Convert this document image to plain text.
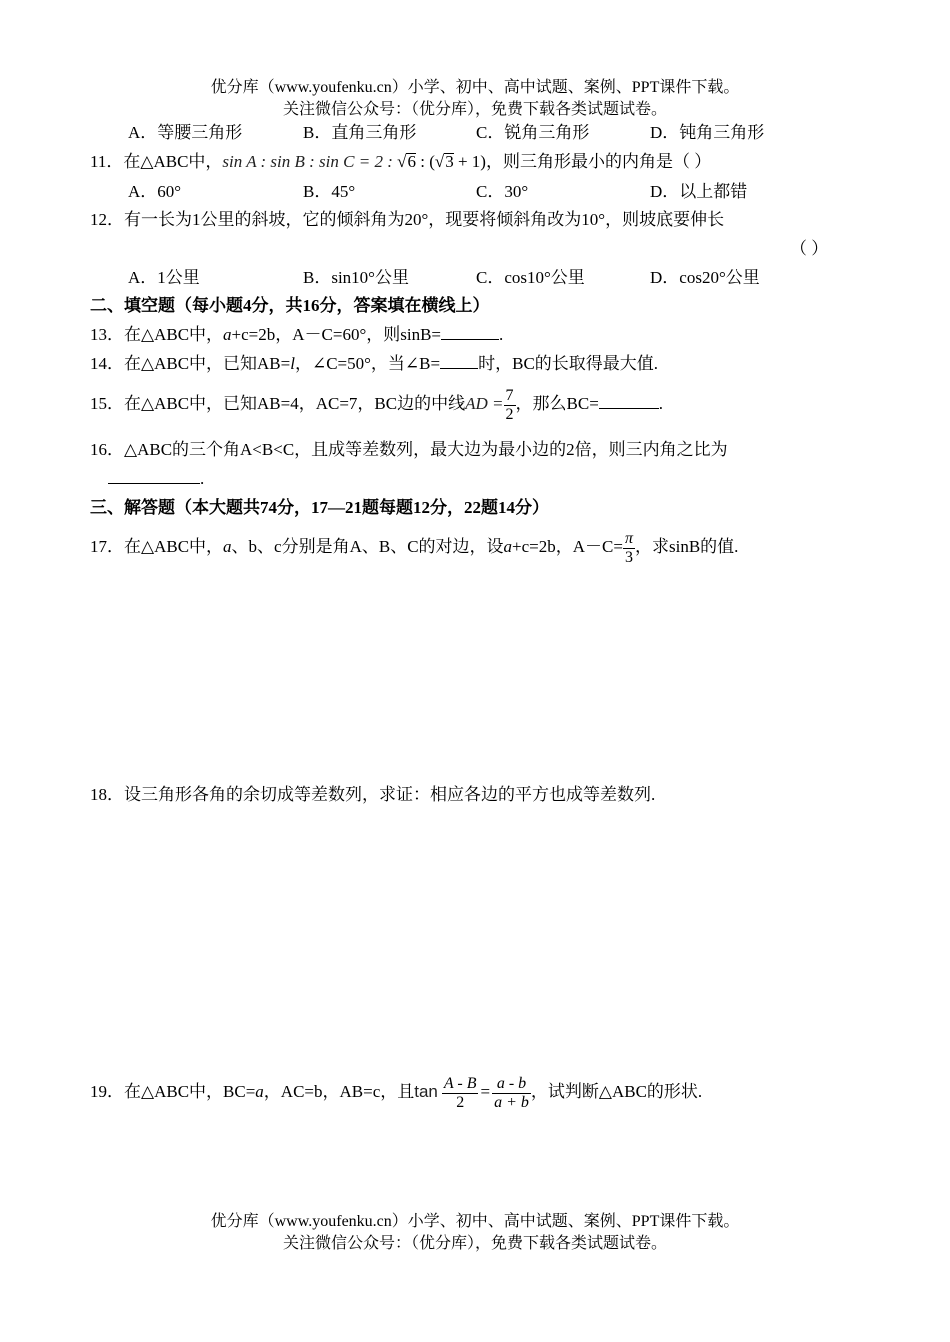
优分库（www.youfenku.cn）小学、初中、高中试题、案例、PPT课件下载。
关注微信公众号：（优分库），免费下载各类试题试卷。
A．等腰三角形	B．直角三角形	C．锐角三角形	D．钝角三角形
11．在△ABC中，sin A : sin B : sin C = 2 : √6 : (√3 + 1)，则三角形最小的内角是（ ）
A．60°	B．45°	C．30°	D．以上都错
12．有一长为1公里的斜坡，它的倾斜角为20°，现要将倾斜角改为10°，则坡底要伸长
（ ）
A．1公里	B．sin10°公里	C．cos10°公里	D．cos20°公里
二、填空题（每小题4分，共16分，答案填在横线上）
13．在△ABC中，a+c=2b，A－C=60°，则sinB=	.
14．在△ABC中，已知AB=l，∠C=50°，当∠B= 时，BC的长取得最大值.
15．在△ABC中，已知AB=4，AC=7，BC边的中线AD = $\frac{7}{2}$ ，那么BC=	.
16．△ABC的三个角A<B<C，且成等差数列，最大边为最小边的2倍，则三内角之比为
.
三、解答题（本大题共74分，17—21题每题12分，22题14分）
17．在△ABC中，a、b、c分别是角A、B、C的对边，设a+c=2b，$A-C= \frac{\pi}{3}$ ，求sinB的值.
18．设三角形各角的余切成等差数列，求证：相应各边的平方也成等差数列.
19．在△ABC中，BC=a，AC=b，AB=c，且$\tan \frac{A - B}{2} = \frac{a - b}{a + b}$ ，试判断△ABC的形状.
优分库（www.youfenku.cn）小学、初中、高中试题、案例、PPT课件下载。
关注微信公众号：（优分库），免费下载各类试题试卷。
